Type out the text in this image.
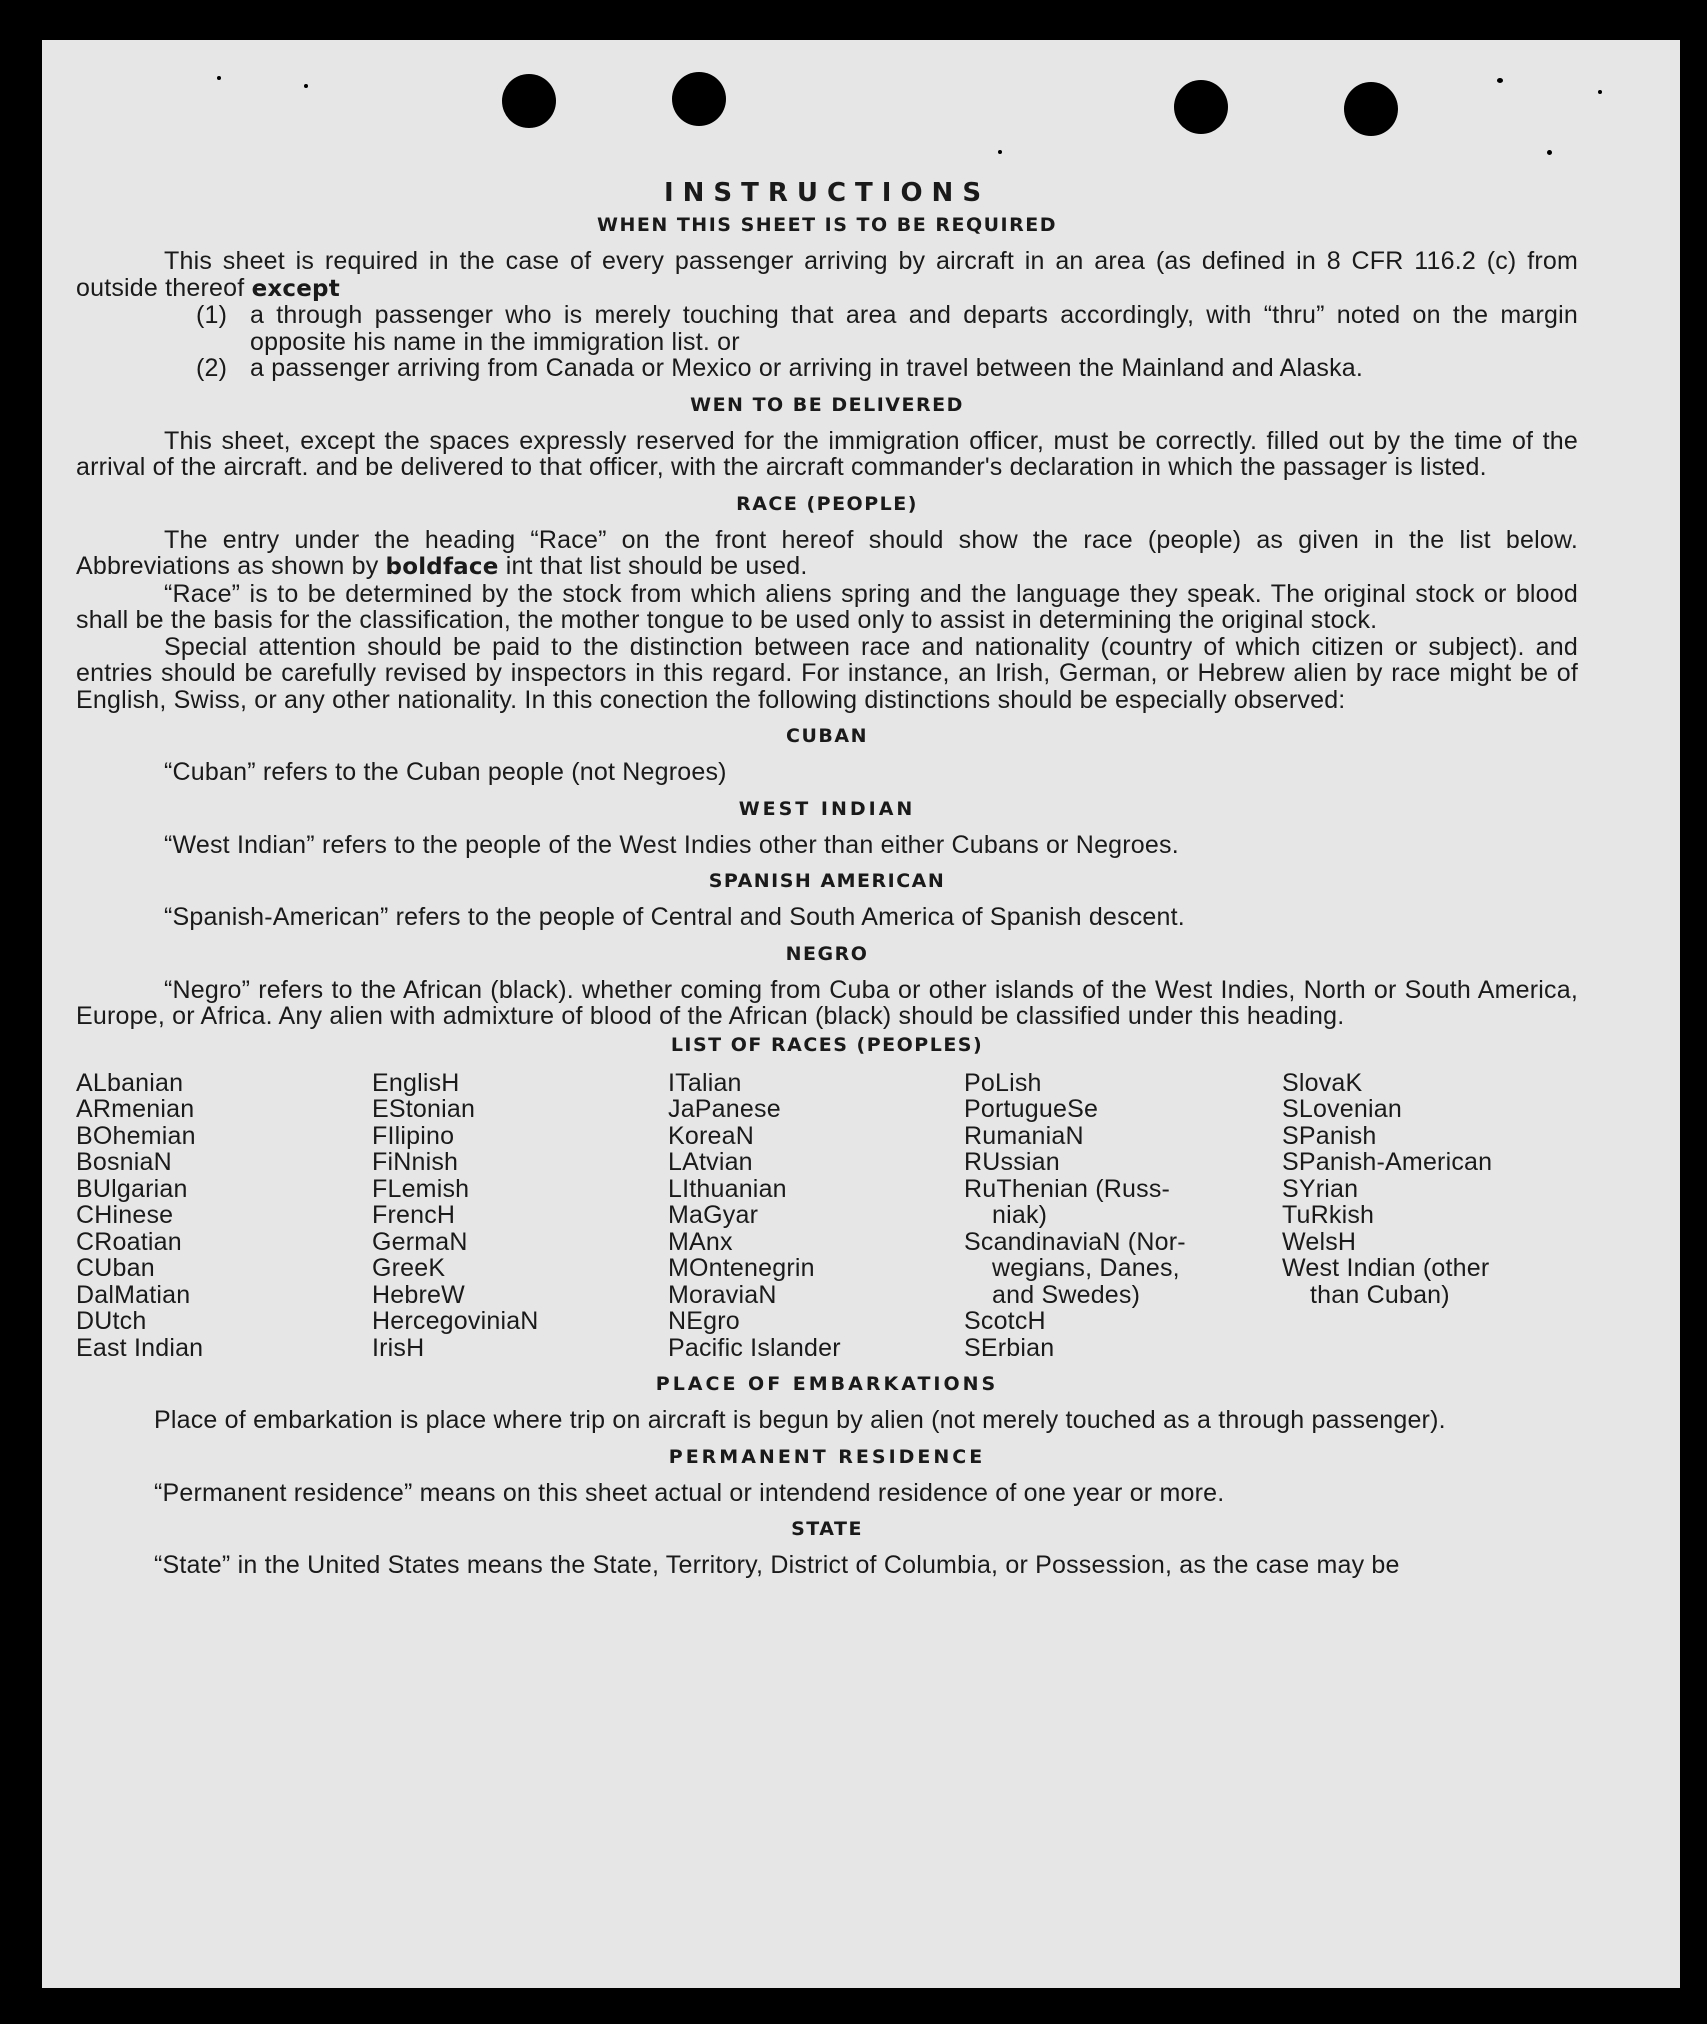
INSTRUCTIONS
WHEN THIS SHEET IS TO BE REQUIRED

This sheet is required in the case of every passenger arriving by aircraft in an area (as defined in 8 CFR 116.2 (c) from outside thereof except

(1) a through passenger who is merely touching that area and departs accordingly, with “thru” noted on the margin opposite his name in the immigration list. or
(2) a passenger arriving from Canada or Mexico or arriving in travel between the Mainland and Alaska.
WEN TO BE DELIVERED

This sheet, except the spaces expressly reserved for the immigration officer, must be correctly. filled out by the time of the arrival of the aircraft. and be delivered to that officer, with the aircraft commander's declaration in which the passager is listed.

RACE (PEOPLE)

The entry under the heading “Race” on the front hereof should show the race (people) as given in the list below. Abbreviations as shown by boldface int that list should be used.

“Race” is to be determined by the stock from which aliens spring and the language they speak. The original stock or blood shall be the basis for the classification, the mother tongue to be used only to assist in determining the original stock.

Special attention should be paid to the distinction between race and nationality (country of which citizen or subject). and entries should be carefully revised by inspectors in this regard. For instance, an Irish, German, or Hebrew alien by race might be of English, Swiss, or any other nationality. In this conection the following distinctions should be especially observed:

CUBAN

“Cuban” refers to the Cuban people (not Negroes)

WEST INDIAN

“West Indian” refers to the people of the West Indies other than either Cubans or Negroes.

SPANISH AMERICAN

“Spanish-American” refers to the people of Central and South America of Spanish descent.

NEGRO

“Negro” refers to the African (black). whether coming from Cuba or other islands of the West Indies, North or South America, Europe, or Africa. Any alien with admixture of blood of the African (black) should be classified under this heading.

LIST OF RACES (PEOPLES)
ALbanian
ARmenian
BOhemian
BosniaN
BUlgarian
CHinese
CRoatian
CUban
DalMatian
DUtch
East Indian
EnglisH
EStonian
FIlipino
FiNnish
FLemish
FrencH
GermaN
GreeK
HebreW
HercegoviniaN
IrisH
ITalian
JaPanese
KoreaN
LAtvian
LIthuanian
MaGyar
MAnx
MOntenegrin
MoraviaN
NEgro
Pacific Islander
PoLish
PortugueSe
RumaniaN
RUssian
RuThenian (Russ-
niak)
ScandinaviaN (Nor-
wegians, Danes,
and Swedes)
ScotcH
SErbian
SlovaK
SLovenian
SPanish
SPanish-American
SYrian
TuRkish
WelsH
West Indian (other
than Cuban)
PLACE OF EMBARKATIONS

Place of embarkation is place where trip on aircraft is begun by alien (not merely touched as a through passenger).

PERMANENT RESIDENCE

“Permanent residence” means on this sheet actual or intendend residence of one year or more.

STATE

“State” in the United States means the State, Territory, District of Columbia, or Possession, as the case may be
